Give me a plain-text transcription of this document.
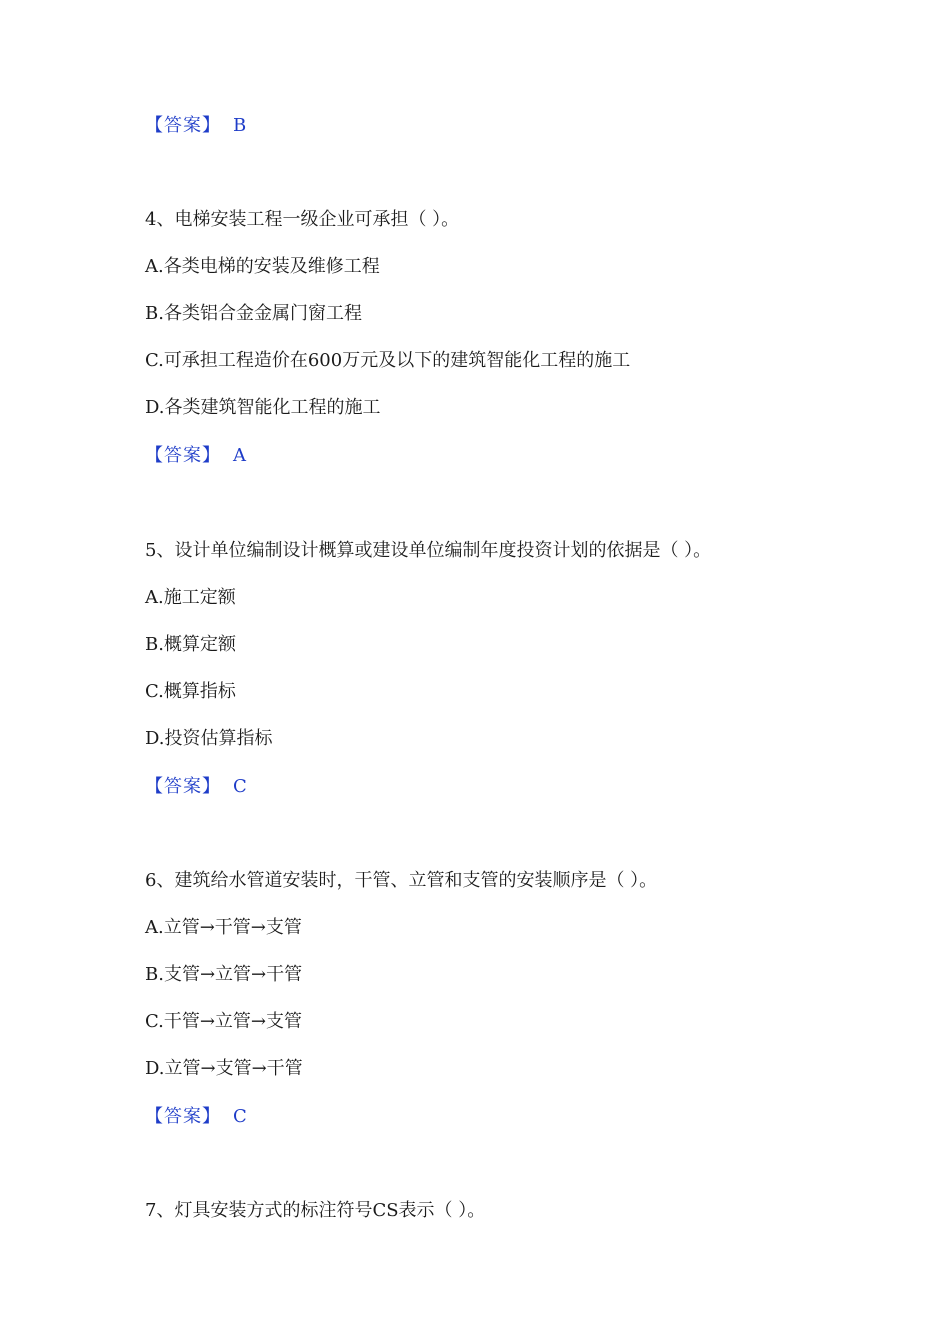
【答案】 B
4、电梯安装工程一级企业可承担（ ）。
A.各类电梯的安装及维修工程
B.各类铝合金金属门窗工程
C.可承担工程造价在600万元及以下的建筑智能化工程的施工
D.各类建筑智能化工程的施工
【答案】 A
5、设计单位编制设计概算或建设单位编制年度投资计划的依据是（ ）。
A.施工定额
B.概算定额
C.概算指标
D.投资估算指标
【答案】 C
6、建筑给水管道安装时，干管、立管和支管的安装顺序是（ ）。
A.立管→干管→支管
B.支管→立管→干管
C.干管→立管→支管
D.立管→支管→干管
【答案】 C
7、灯具安装方式的标注符号CS表示（ ）。
